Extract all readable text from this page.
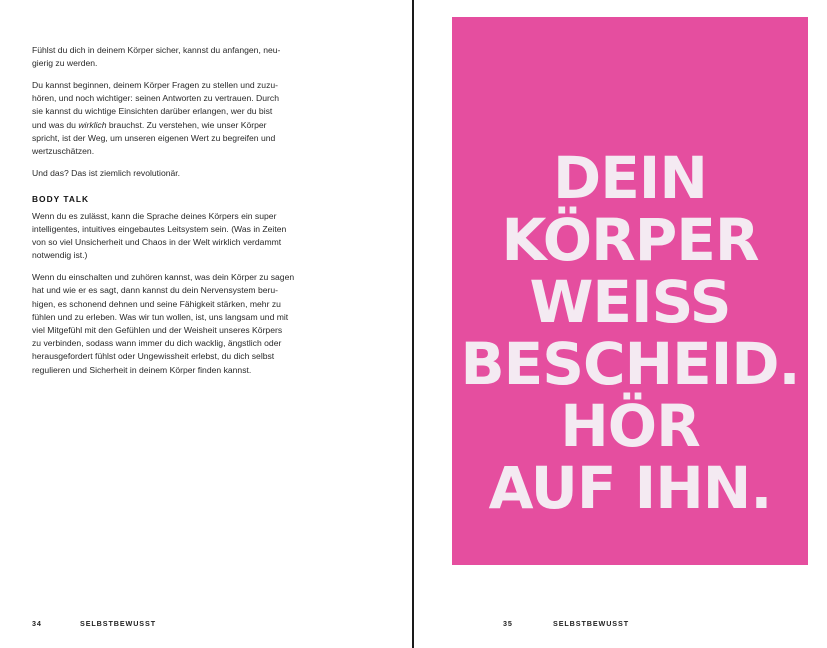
Fühlst du dich in deinem Körper sicher, kannst du anfangen, neu-
gierig zu werden.

Du kannst beginnen, deinem Körper Fragen zu stellen und zuzu-
hören, und noch wichtiger: seinen Antworten zu vertrauen. Durch
sie kannst du wichtige Einsichten darüber erlangen, wer du bist
und was du wirklich brauchst. Zu verstehen, wie unser Körper
spricht, ist der Weg, um unseren eigenen Wert zu begreifen und
wertzuschätzen.

Und das? Das ist ziemlich revolutionär.

BODY TALK

Wenn du es zulässt, kann die Sprache deines Körpers ein super
intelligentes, intuitives eingebautes Leitsystem sein. (Was in Zeiten
von so viel Unsicherheit und Chaos in der Welt wirklich verdammt
notwendig ist.)

Wenn du einschalten und zuhören kannst, was dein Körper zu sagen
hat und wie er es sagt, dann kannst du dein Nervensystem beru-
higen, es schonend dehnen und seine Fähigkeit stärken, mehr zu
fühlen und zu erleben. Was wir tun wollen, ist, uns langsam und mit
viel Mitgefühl mit den Gefühlen und der Weisheit unseres Körpers
zu verbinden, sodass wann immer du dich wacklig, ängstlich oder
herausgefordert fühlst oder Ungewissheit erlebst, du dich selbst
regulieren und Sicherheit in deinem Körper finden kannst.

34	SELBSTBEWUSST
DEIN
KÖRPER
WEISS
BESCHEID.
HÖR
AUF IHN.
35	SELBSTBEWUSST
